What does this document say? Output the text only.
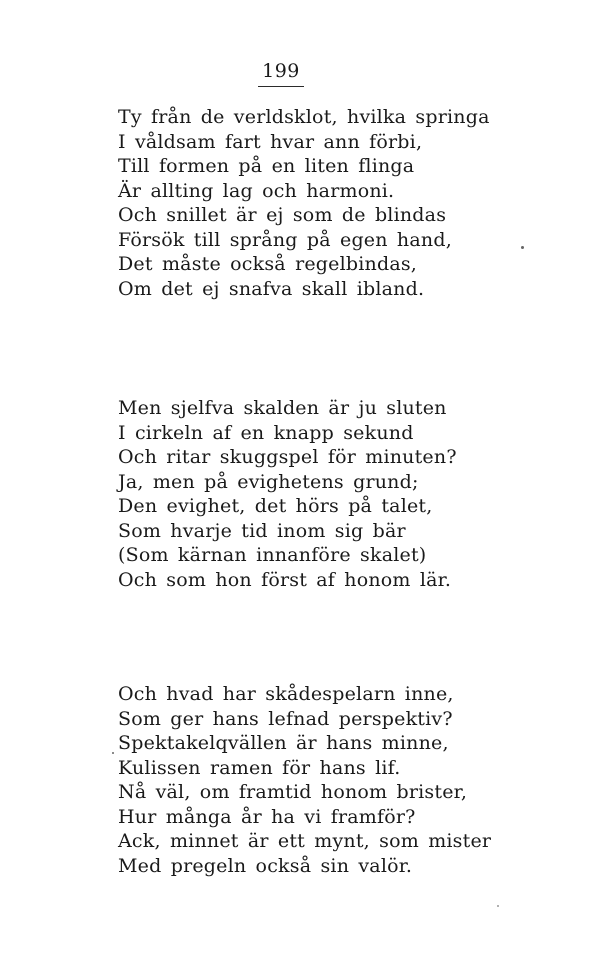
199
Ty från de verldsklot, hvilka springa
I våldsam fart hvar ann förbi,
Till formen på en liten flinga
Är allting lag och harmoni.
Och snillet är ej som de blindas
Försök till språng på egen hand,
Det måste också regelbindas,
Om det ej snafva skall ibland.
Men sjelfva skalden är ju sluten
I cirkeln af en knapp sekund
Och ritar skuggspel för minuten?
Ja, men på evighetens grund;
Den evighet, det hörs på talet,
Som hvarje tid inom sig bär
(Som kärnan innanföre skalet)
Och som hon först af honom lär.
Och hvad har skådespelarn inne,
Som ger hans lefnad perspektiv?
Spektakelqvällen är hans minne,
Kulissen ramen för hans lif.
Nå väl, om framtid honom brister,
Hur många år ha vi framför?
Ack, minnet är ett mynt, som mister
Med pregeln också sin valör.
